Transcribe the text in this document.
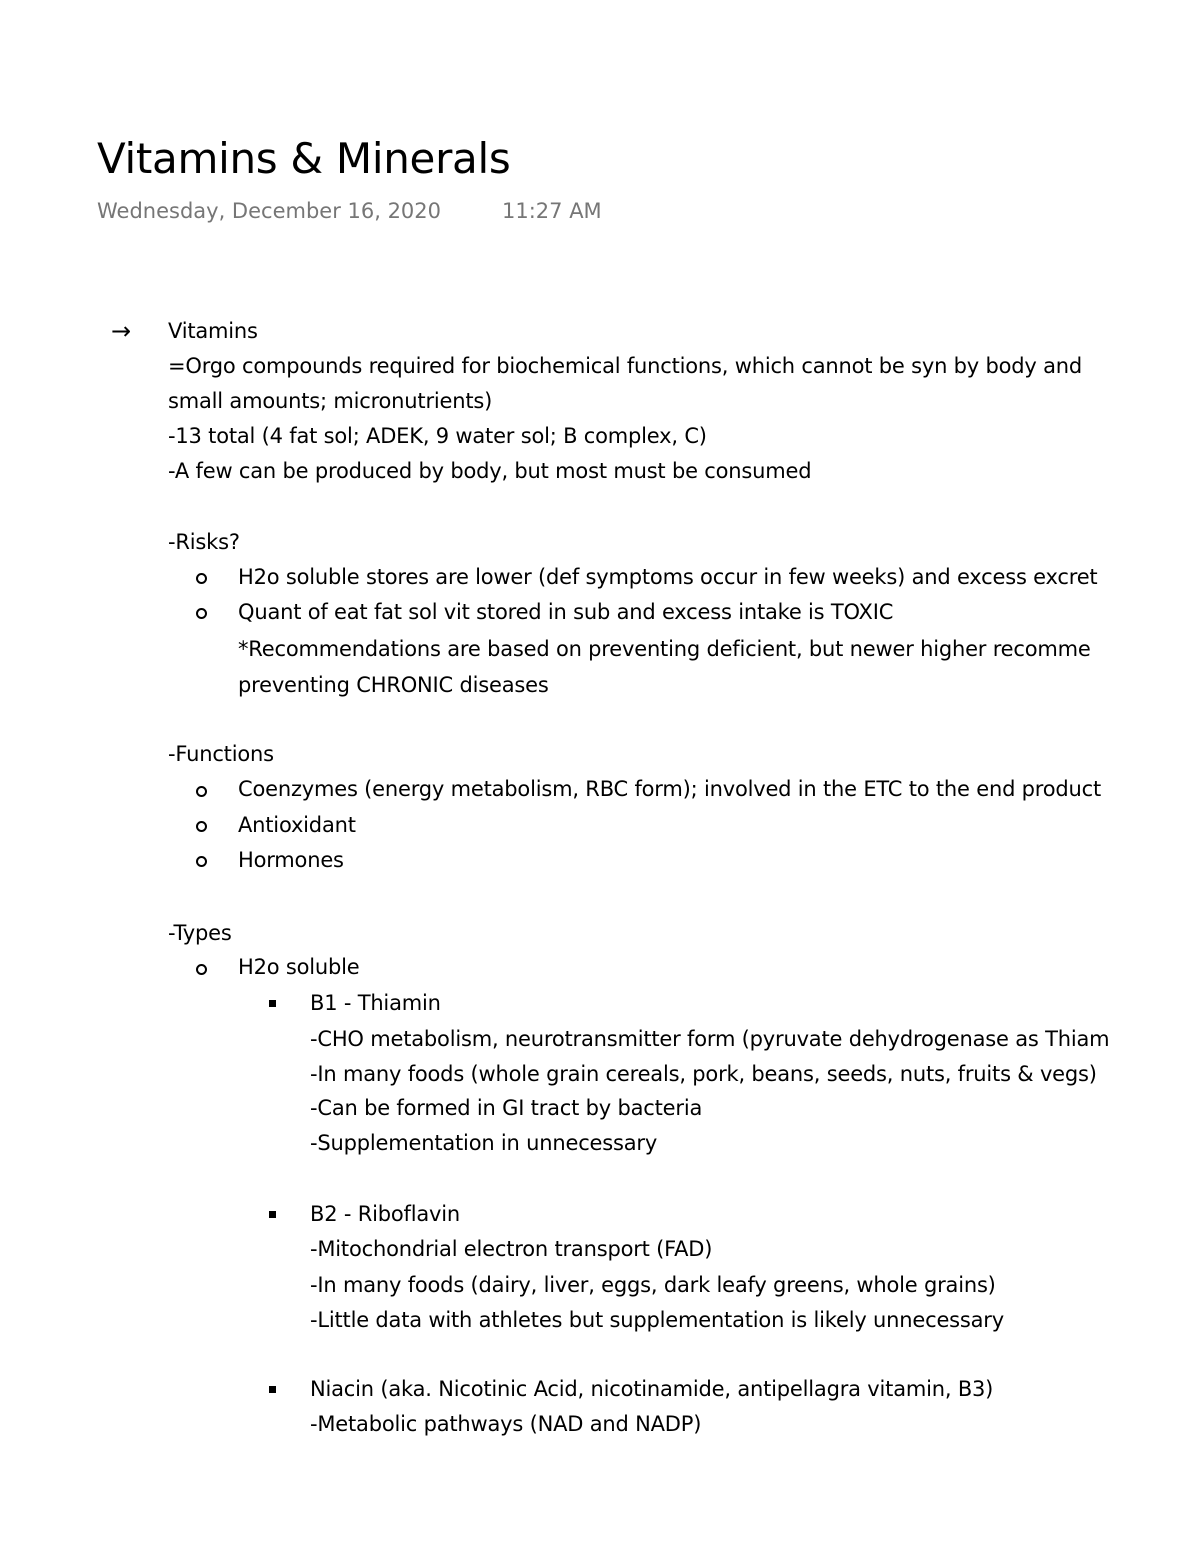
Vitamins & Minerals
Wednesday, December 16, 2020	11:27 AM
→ Vitamins
=Orgo compounds required for biochemical functions, which cannot be syn by body and
small amounts; micronutrients)
-13 total (4 fat sol; ADEK, 9 water sol; B complex, C)
-A few can be produced by body, but most must be consumed
-Risks?
H2o soluble stores are lower (def symptoms occur in few weeks) and excess excret
Quant of eat fat sol vit stored in sub and excess intake is TOXIC
*Recommendations are based on preventing deficient, but newer higher recomme
preventing CHRONIC diseases
-Functions
Coenzymes (energy metabolism, RBC form); involved in the ETC to the end product
Antioxidant
Hormones
-Types
H2o soluble
B1 - Thiamin
-CHO metabolism, neurotransmitter form (pyruvate dehydrogenase as Thiam
-In many foods (whole grain cereals, pork, beans, seeds, nuts, fruits & vegs)
-Can be formed in GI tract by bacteria
-Supplementation in unnecessary
B2 - Riboflavin
-Mitochondrial electron transport (FAD)
-In many foods (dairy, liver, eggs, dark leafy greens, whole grains)
-Little data with athletes but supplementation is likely unnecessary
Niacin (aka. Nicotinic Acid, nicotinamide, antipellagra vitamin, B3)
-Metabolic pathways (NAD and NADP)
